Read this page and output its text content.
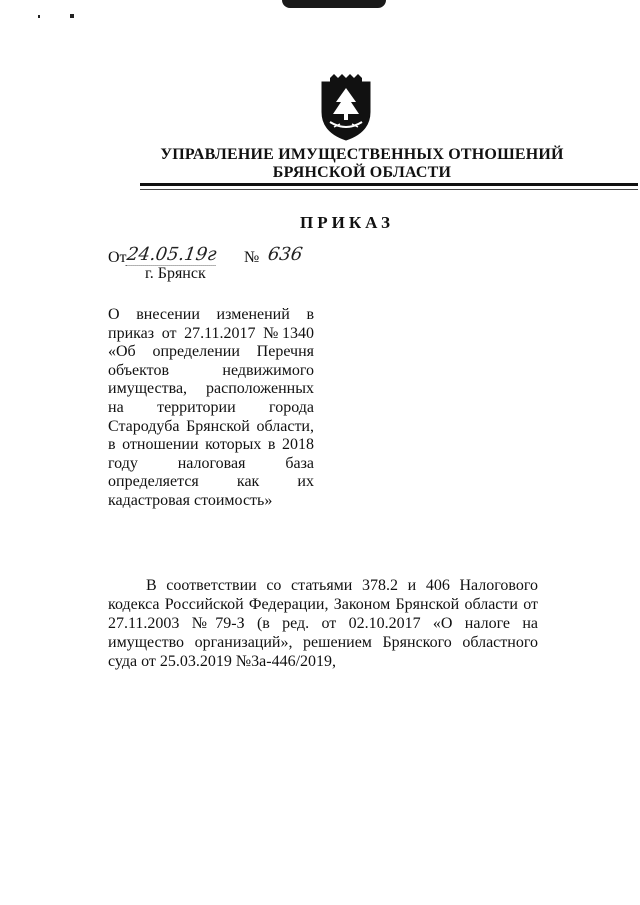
УПРАВЛЕНИЕ ИМУЩЕСТВЕННЫХ ОТНОШЕНИЙ
БРЯНСКОЙ ОБЛАСТИ
ПРИКАЗ
От 24.05.19г № 636
г. Брянск
О внесении изменений в приказ от 27.11.2017 №1340 «Об определении Перечня объектов недвижимого имущества, расположенных на территории города Стародуба Брянской области, в отношении которых в 2018 году налоговая база определяется как их кадастровая стоимость»
В соответствии со статьями 378.2 и 406 Налогового кодекса Российской Федерации, Законом Брянской области от 27.11.2003 №79-З (в ред. от 02.10.2017 «О налоге на имущество организаций», решением Брянского областного суда от 25.03.2019 №3а-446/2019,
